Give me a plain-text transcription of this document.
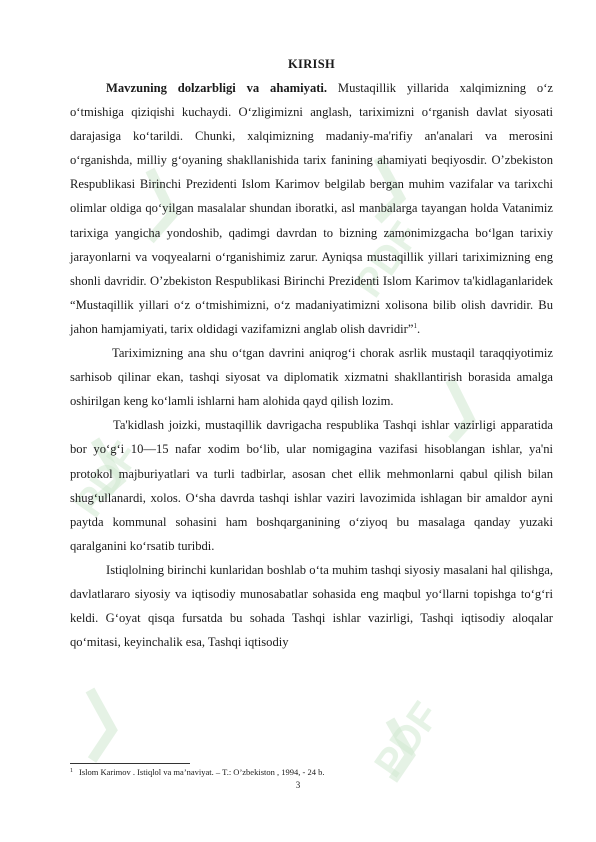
PDF
PDF
PDF
KIRISH

Mavzuning dolzarbligi va ahamiyati. Mustaqillik yillarida xalqimizning o‘z o‘tmishiga qiziqishi kuchaydi. O‘zligimizni anglash, tariximizni o‘rganish davlat siyosati darajasiga ko‘tarildi. Chunki, xalqimizning madaniy-ma'rifiy an'analari va merosini o‘rganishda, milliy g‘oyaning shakllanishida tarix fanining ahamiyati beqiyosdir. O’zbekiston Respublikasi Birinchi Prezidenti Islom Karimov belgilab bergan muhim vazifalar va tarixchi olimlar oldiga qo‘yilgan masalalar shundan iboratki, asl manbalarga tayangan holda Vatanimiz tarixiga yangicha yondoshib, qadimgi davrdan to bizning zamonimizgacha bo‘lgan tarixiy jarayonlarni va voqyealarni o‘rganishimiz zarur. Ayniqsa mustaqillik yillari tariximizning eng shonli davridir. O’zbekiston Respublikasi Birinchi Prezidenti Islom Karimov ta'kidlaganlaridek “Mustaqillik yillari o‘z o‘tmishimizni, o‘z madaniyatimizni xolisona bilib olish davridir. Bu jahon hamjamiyati, tarix oldidagi vazifamizni anglab olish davridir”$^1$.

Tariximizning ana shu o‘tgan davrini aniqrog‘i chorak asrlik mustaqil taraqqiyotimiz sarhisob qilinar ekan, tashqi siyosat va diplomatik xizmatni shakllantirish borasida amalga oshirilgan keng ko‘lamli ishlarni ham alohida qayd qilish lozim.

Ta'kidlash joizki, mustaqillik davrigacha respublika Tashqi ishlar vazirligi apparatida bor yo‘g‘i 10—15 nafar xodim bo‘lib, ular nomigagina vazifasi hisoblangan ishlar, ya'ni protokol majburiyatlari va turli tadbirlar, asosan chet ellik mehmonlarni qabul qilish bilan shug‘ullanardi, xolos. O‘sha davrda tashqi ishlar vaziri lavozimida ishlagan bir amaldor ayni paytda kommunal sohasini ham boshqarganining o‘ziyoq bu masalaga qanday yuzaki qaralganini ko‘rsatib turibdi.

Istiqlolning birinchi kunlaridan boshlab o‘ta muhim tashqi siyosiy masalani hal qilishga, davlatlararo siyosiy va iqtisodiy munosabatlar sohasida eng maqbul yo‘llarni topishga to‘g‘ri keldi. G‘oyat qisqa fursatda bu sohada Tashqi ishlar vazirligi, Tashqi iqtisodiy aloqalar qo‘mitasi, keyinchalik esa, Tashqi iqtisodiy

$^1$ Islom Karimov . Istiqlol va ma’naviyat. – T.: O’zbekiston , 1994, - 24 b.
3
